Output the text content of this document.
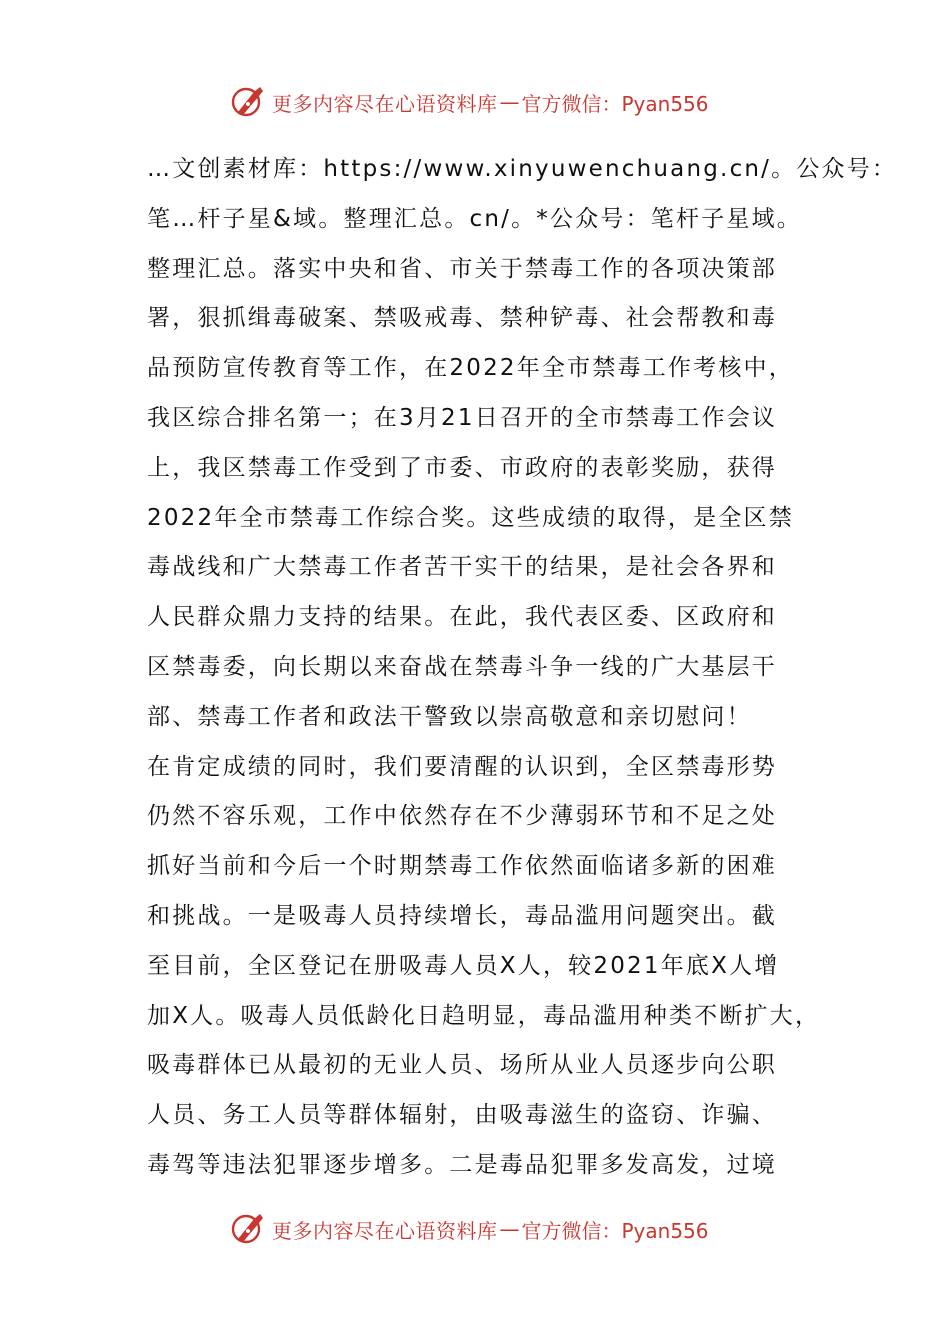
更多内容尽在心语资料库 — 官方微信：Pyan556
…文创素材库：https://www.xinyuwenchuang.cn/。公众号：
笔…杆子星&域。整理汇总。cn/。*公众号：笔杆子星域。
整理汇总。落实中央和省、市关于禁毒工作的各项决策部
署，狠抓缉毒破案、禁吸戒毒、禁种铲毒、社会帮教和毒
品预防宣传教育等工作，在2022年全市禁毒工作考核中，
我区综合排名第一；在3月21日召开的全市禁毒工作会议
上，我区禁毒工作受到了市委、市政府的表彰奖励，获得
2022年全市禁毒工作综合奖。这些成绩的取得，是全区禁
毒战线和广大禁毒工作者苦干实干的结果，是社会各界和
人民群众鼎力支持的结果。在此，我代表区委、区政府和
区禁毒委，向长期以来奋战在禁毒斗争一线的广大基层干
部、禁毒工作者和政法干警致以崇高敬意和亲切慰问！
在肯定成绩的同时，我们要清醒的认识到，全区禁毒形势
仍然不容乐观，工作中依然存在不少薄弱环节和不足之处
抓好当前和今后一个时期禁毒工作依然面临诸多新的困难
和挑战。一是吸毒人员持续增长，毒品滥用问题突出。截
至目前，全区登记在册吸毒人员X人，较2021年底X人增
加X人。吸毒人员低龄化日趋明显，毒品滥用种类不断扩大，
吸毒群体已从最初的无业人员、场所从业人员逐步向公职
人员、务工人员等群体辐射，由吸毒滋生的盗窃、诈骗、
毒驾等违法犯罪逐步增多。二是毒品犯罪多发高发，过境
更多内容尽在心语资料库 — 官方微信：Pyan556
